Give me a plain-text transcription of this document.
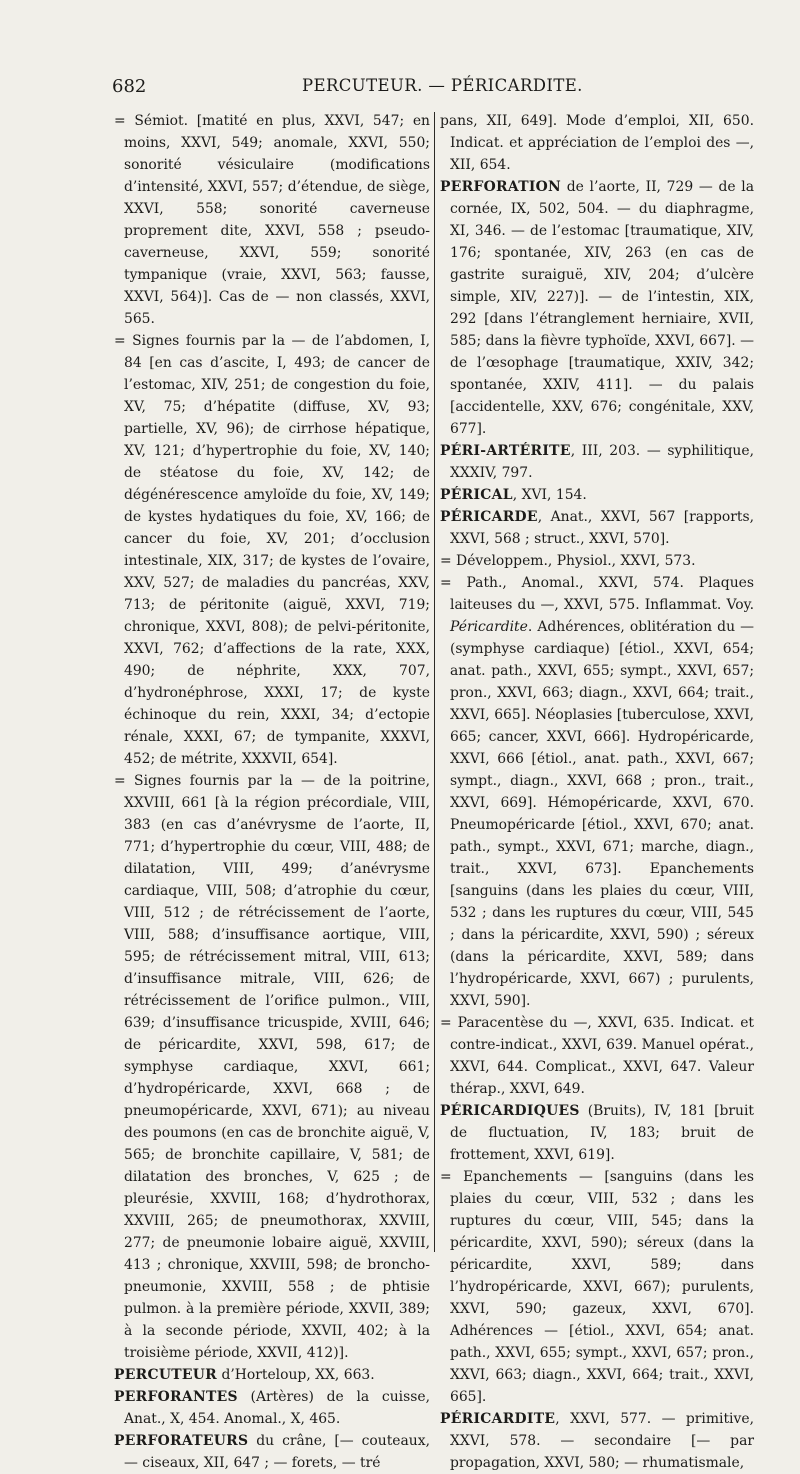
682	PERCUTEUR. — PÉRICARDITE.

= Sémiot. [matité en plus, XXVI, 547; en moins, XXVI, 549; anomale, XXVI, 550; sonorité vésiculaire (modifications d’intensité, XXVI, 557; d’étendue, de siège, XXVI, 558; sonorité caverneuse proprement dite, XXVI, 558 ; pseudo-caverneuse, XXVI, 559; sonorité tympanique (vraie, XXVI, 563; fausse, XXVI, 564)]. Cas de — non classés, XXVI, 565.

= Signes fournis par la — de l’abdomen, I, 84 [en cas d’ascite, I, 493; de cancer de l’estomac, XIV, 251; de congestion du foie, XV, 75; d’hépatite (diffuse, XV, 93; partielle, XV, 96); de cirrhose hépatique, XV, 121; d’hypertrophie du foie, XV, 140; de stéatose du foie, XV, 142; de dégénérescence amyloïde du foie, XV, 149; de kystes hydatiques du foie, XV, 166; de cancer du foie, XV, 201; d’occlusion intestinale, XIX, 317; de kystes de l’ovaire, XXV, 527; de maladies du pancréas, XXV, 713; de péritonite (aiguë, XXVI, 719; chronique, XXVI, 808); de pelvi-péritonite, XXVI, 762; d’affections de la rate, XXX, 490; de néphrite, XXX, 707, d’hydronéphrose, XXXI, 17; de kyste échinoque du rein, XXXI, 34; d’ectopie rénale, XXXI, 67; de tympanite, XXXVI, 452; de métrite, XXXVII, 654].

= Signes fournis par la — de la poitrine, XXVIII, 661 [à la région précordiale, VIII, 383 (en cas d’anévrysme de l’aorte, II, 771; d’hypertrophie du cœur, VIII, 488; de dilatation, VIII, 499; d’anévrysme cardiaque, VIII, 508; d’atrophie du cœur, VIII, 512 ; de rétrécissement de l’aorte, VIII, 588; d’insuffisance aortique, VIII, 595; de rétrécissement mitral, VIII, 613; d’insuffisance mitrale, VIII, 626; de rétrécissement de l’orifice pulmon., VIII, 639; d’insuffisance tricuspide, XVIII, 646; de péricardite, XXVI, 598, 617; de symphyse cardiaque, XXVI, 661; d’hydropéricarde, XXVI, 668 ; de pneumopéricarde, XXVI, 671); au niveau des poumons (en cas de bronchite aiguë, V, 565; de bronchite capillaire, V, 581; de dilatation des bronches, V, 625 ; de pleurésie, XXVIII, 168; d’hydrothorax, XXVIII, 265; de pneumothorax, XXVIII, 277; de pneumonie lobaire aiguë, XXVIII, 413 ; chronique, XXVIII, 598; de broncho-pneumonie, XXVIII, 558 ; de phtisie pulmon. à la première période, XXVII, 389; à la seconde période, XXVII, 402; à la troisième période, XXVII, 412)].

PERCUTEUR d’Horteloup, XX, 663.

PERFORANTES (Artères) de la cuisse, Anat., X, 454. Anomal., X, 465.

PERFORATEURS du crâne, [— couteaux, — ciseaux, XII, 647 ; — forets, — tré

pans, XII, 649]. Mode d’emploi, XII, 650. Indicat. et appréciation de l’emploi des —, XII, 654.

PERFORATION de l’aorte, II, 729 — de la cornée, IX, 502, 504. — du diaphragme, XI, 346. — de l’estomac [traumatique, XIV, 176; spontanée, XIV, 263 (en cas de gastrite suraiguë, XIV, 204; d’ulcère simple, XIV, 227)]. — de l’intestin, XIX, 292 [dans l’étranglement herniaire, XVII, 585; dans la fièvre typhoïde, XXVI, 667]. — de l’œsophage [traumatique, XXIV, 342; spontanée, XXIV, 411]. — du palais [accidentelle, XXV, 676; congénitale, XXV, 677].

PÉRI-ARTÉRITE, III, 203. — syphilitique, XXXIV, 797.

PÉRICAL, XVI, 154.

PÉRICARDE, Anat., XXVI, 567 [rapports, XXVI, 568 ; struct., XXVI, 570].

= Développem., Physiol., XXVI, 573.

= Path., Anomal., XXVI, 574. Plaques laiteuses du —, XXVI, 575. Inflammat. Voy. Péricardite. Adhérences, oblitération du — (symphyse cardiaque) [étiol., XXVI, 654; anat. path., XXVI, 655; sympt., XXVI, 657; pron., XXVI, 663; diagn., XXVI, 664; trait., XXVI, 665]. Néoplasies [tuberculose, XXVI, 665; cancer, XXVI, 666]. Hydropéricarde, XXVI, 666 [étiol., anat. path., XXVI, 667; sympt., diagn., XXVI, 668 ; pron., trait., XXVI, 669]. Hémopéricarde, XXVI, 670. Pneumopéricarde [étiol., XXVI, 670; anat. path., sympt., XXVI, 671; marche, diagn., trait., XXVI, 673]. Epanchements [sanguins (dans les plaies du cœur, VIII, 532 ; dans les ruptures du cœur, VIII, 545 ; dans la péricardite, XXVI, 590) ; séreux (dans la péricardite, XXVI, 589; dans l’hydropéricarde, XXVI, 667) ; purulents, XXVI, 590].

= Paracentèse du —, XXVI, 635. Indicat. et contre-indicat., XXVI, 639. Manuel opérat., XXVI, 644. Complicat., XXVI, 647. Valeur thérap., XXVI, 649.

PÉRICARDIQUES (Bruits), IV, 181 [bruit de fluctuation, IV, 183; bruit de frottement, XXVI, 619].

= Epanchements — [sanguins (dans les plaies du cœur, VIII, 532 ; dans les ruptures du cœur, VIII, 545; dans la péricardite, XXVI, 590); séreux (dans la péricardite, XXVI, 589; dans l’hydropéricarde, XXVI, 667); purulents, XXVI, 590; gazeux, XXVI, 670]. Adhérences — [étiol., XXVI, 654; anat. path., XXVI, 655; sympt., XXVI, 657; pron., XXVI, 663; diagn., XXVI, 664; trait., XXVI, 665].

PÉRICARDITE, XXVI, 577. — primitive, XXVI, 578. — secondaire [— par propagation, XXVI, 580; — rhumatismale,
